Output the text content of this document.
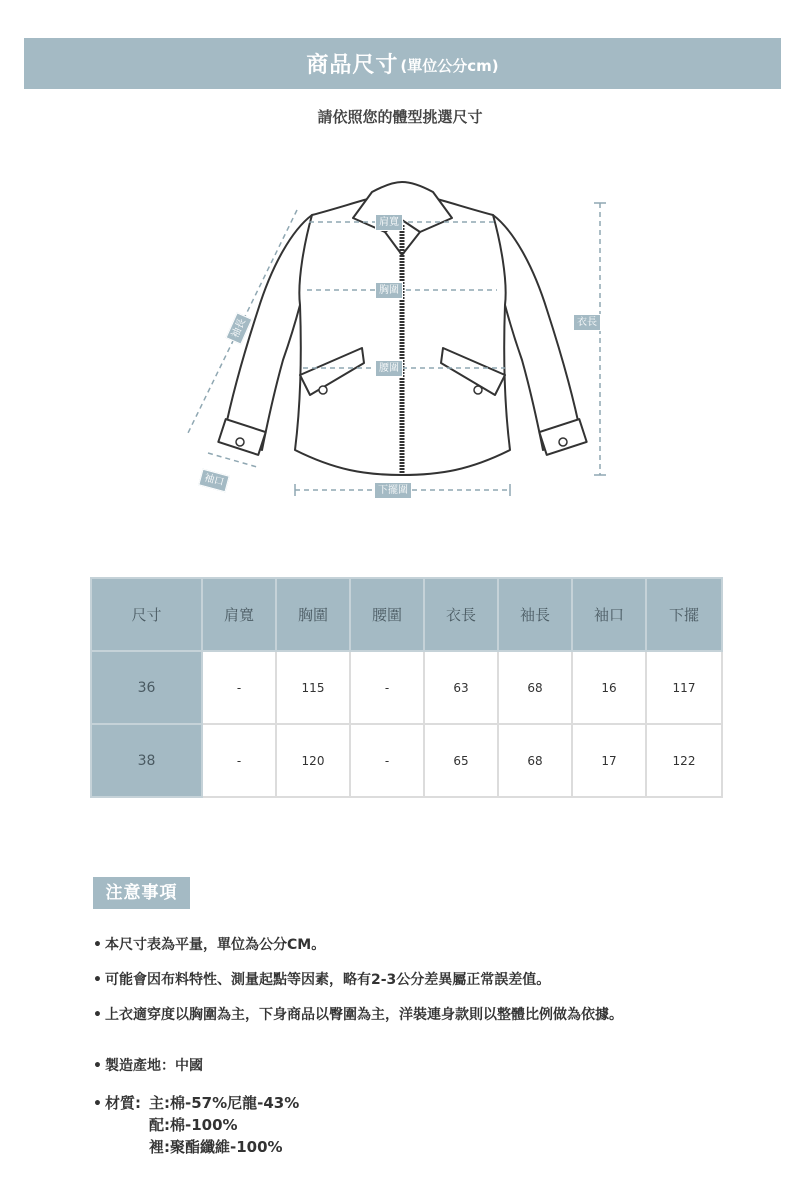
商品尺寸 (單位公分cm)
請依照您的體型挑選尺寸
肩寬
胸圍
腰圍
衣長
袖長
袖口
下擺圍
尺寸	肩寬	胸圍	腰圍	衣長	袖長	袖口	下擺
36	-	115	-	63	68	16	117
38	-	120	-	65	68	17	122
注意事項
• 本尺寸表為平量，單位為公分CM。
• 可能會因布料特性、測量起點等因素，略有2-3公分差異屬正常誤差值。
• 上衣適穿度以胸圍為主，下身商品以臀圍為主，洋裝連身款則以整體比例做為依據。
• 製造產地：中國
• 材質: 主:棉-57%尼龍-43%
配:棉-100%
裡:聚酯纖維-100%
